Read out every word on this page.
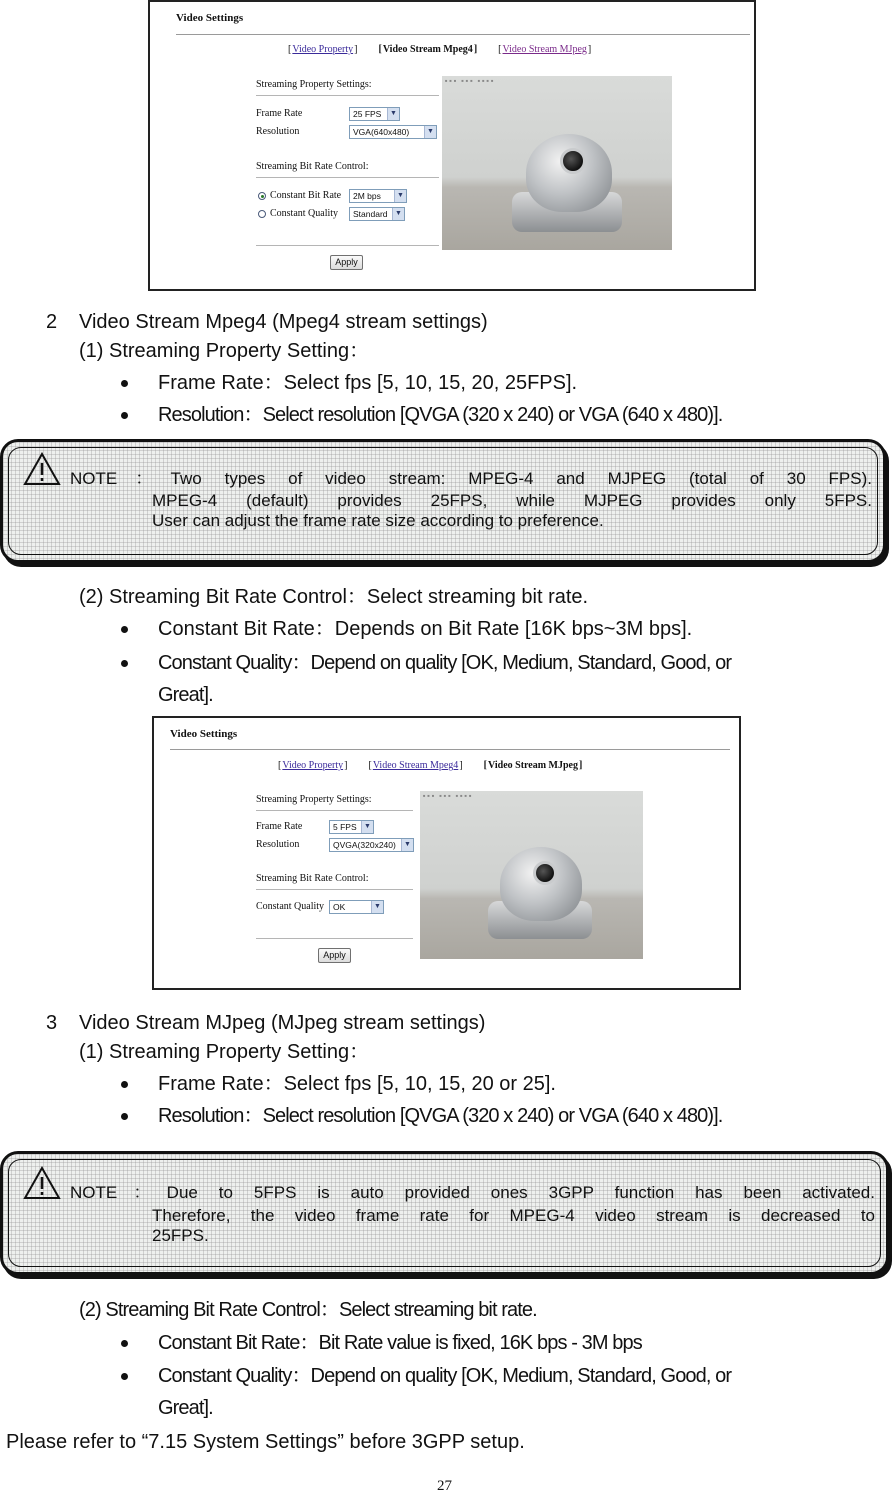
Video Settings
[Video Property] [Video Stream Mpeg4] [Video Stream MJpeg]
Streaming Property Settings:
Frame Rate	25 FPS	▼
Resolution	VGA(640x480)	▼
Streaming Bit Rate Control:
Constant Bit Rate	2M bps	▼
Constant Quality	Standard	▼
Apply
■■■ ■■■ ■■■■
2 Video Stream Mpeg4 (Mpeg4 stream settings)
(1) Streaming Property Setting：
Frame Rate：Select fps [5, 10, 15, 20, 25FPS].
Resolution：Select resolution [QVGA (320 x 240) or VGA (640 x 480)].
NOTE：Two types of video stream: MPEG-4 and MJPEG (total of 30 FPS).
MPEG-4 (default) provides 25FPS, while MJPEG provides only 5FPS.
User can adjust the frame rate size according to preference.
(2) Streaming Bit Rate Control：Select streaming bit rate.
Constant Bit Rate：Depends on Bit Rate [16K bps~3M bps].
Constant Quality：Depend on quality [OK, Medium, Standard, Good, or
Great].
Video Settings
[Video Property] [Video Stream Mpeg4] [Video Stream MJpeg]
Streaming Property Settings:
Frame Rate	5 FPS	▼
Resolution	QVGA(320x240)	▼
Streaming Bit Rate Control:
Constant Quality	OK	▼
Apply
■■■ ■■■ ■■■■
3 Video Stream MJpeg (MJpeg stream settings)
(1) Streaming Property Setting：
Frame Rate：Select fps [5, 10, 15, 20 or 25].
Resolution：Select resolution [QVGA (320 x 240) or VGA (640 x 480)].
NOTE：Due to 5FPS is auto provided ones 3GPP function has been activated.
Therefore, the video frame rate for MPEG-4 video stream is decreased to
25FPS.
(2) Streaming Bit Rate Control：Select streaming bit rate.
Constant Bit Rate：Bit Rate value is fixed, 16K bps - 3M bps
Constant Quality：Depend on quality [OK, Medium, Standard, Good, or
Great].
Please refer to “7.15 System Settings” before 3GPP setup.
27
